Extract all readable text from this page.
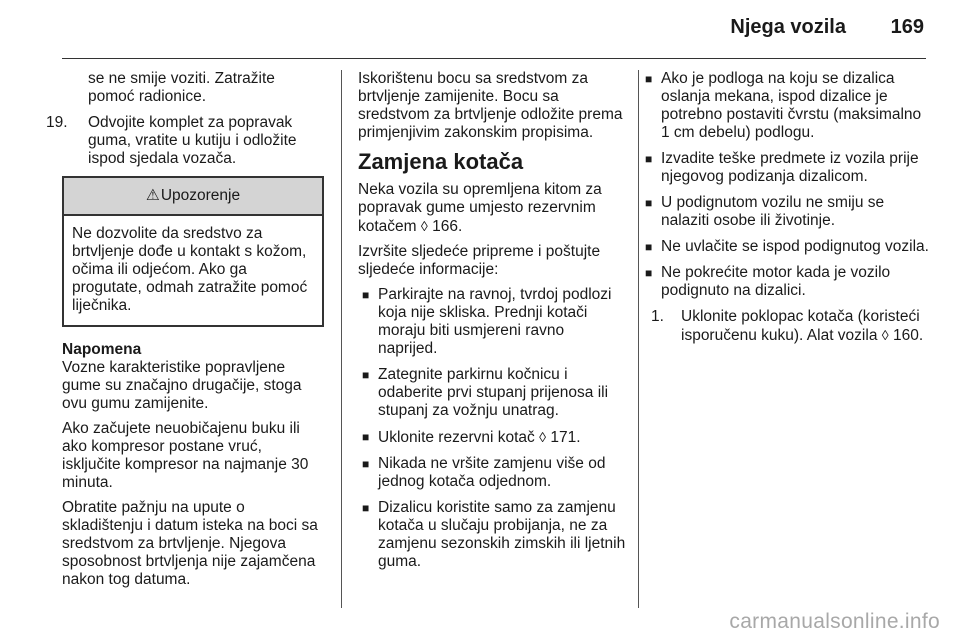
Njega vozila	169

se ne smije voziti. Zatražite pomoć radionice.

19. Odvojite komplet za popravak guma, vratite u kutiju i odložite ispod sjedala vozača.
⚠Upozorenje
Ne dozvolite da sredstvo za brtvljenje dođe u kontakt s kožom, očima ili odjećom. Ako ga progutate, odmah zatražite pomoć liječnika.

Napomena

Vozne karakteristike popravljene gume su značajno drugačije, stoga ovu gumu zamijenite.

Ako začujete neuobičajenu buku ili ako kompresor postane vruć, isključite kompresor na najmanje 30 minuta.

Obratite pažnju na upute o skladištenju i datum isteka na boci sa sredstvom za brtvljenje. Njegova sposobnost brtvljenja nije zajamčena nakon tog datuma.

Iskorištenu bocu sa sredstvom za brtvljenje zamijenite. Bocu sa sredstvom za brtvljenje odložite prema primjenjivim zakonskim propisima.

Zamjena kotača

Neka vozila su opremljena kitom za popravak gume umjesto rezervnim kotačem ◊ 166.

Izvršite sljedeće pripreme i poštujte sljedeće informacije:

■ Parkirajte na ravnoj, tvrdoj podlozi koja nije skliska. Prednji kotači moraju biti usmjereni ravno naprijed.
■ Zategnite parkirnu kočnicu i odaberite prvi stupanj prijenosa ili stupanj za vožnju unatrag.
■ Uklonite rezervni kotač ◊ 171.
■ Nikada ne vršite zamjenu više od jednog kotača odjednom.
■ Dizalicu koristite samo za zamjenu kotača u slučaju probijanja, ne za zamjenu sezonskih zimskih ili ljetnih guma.
■ Ako je podloga na koju se dizalica oslanja mekana, ispod dizalice je potrebno postaviti čvrstu (maksimalno 1 cm debelu) podlogu.
■ Izvadite teške predmete iz vozila prije njegovog podizanja dizalicom.
■ U podignutom vozilu ne smiju se nalaziti osobe ili životinje.
■ Ne uvlačite se ispod podignutog vozila.
■ Ne pokrećite motor kada je vozilo podignuto na dizalici.
1. Uklonite poklopac kotača (koristeći isporučenu kuku). Alat vozila ◊ 160.
carmanualsonline.info
